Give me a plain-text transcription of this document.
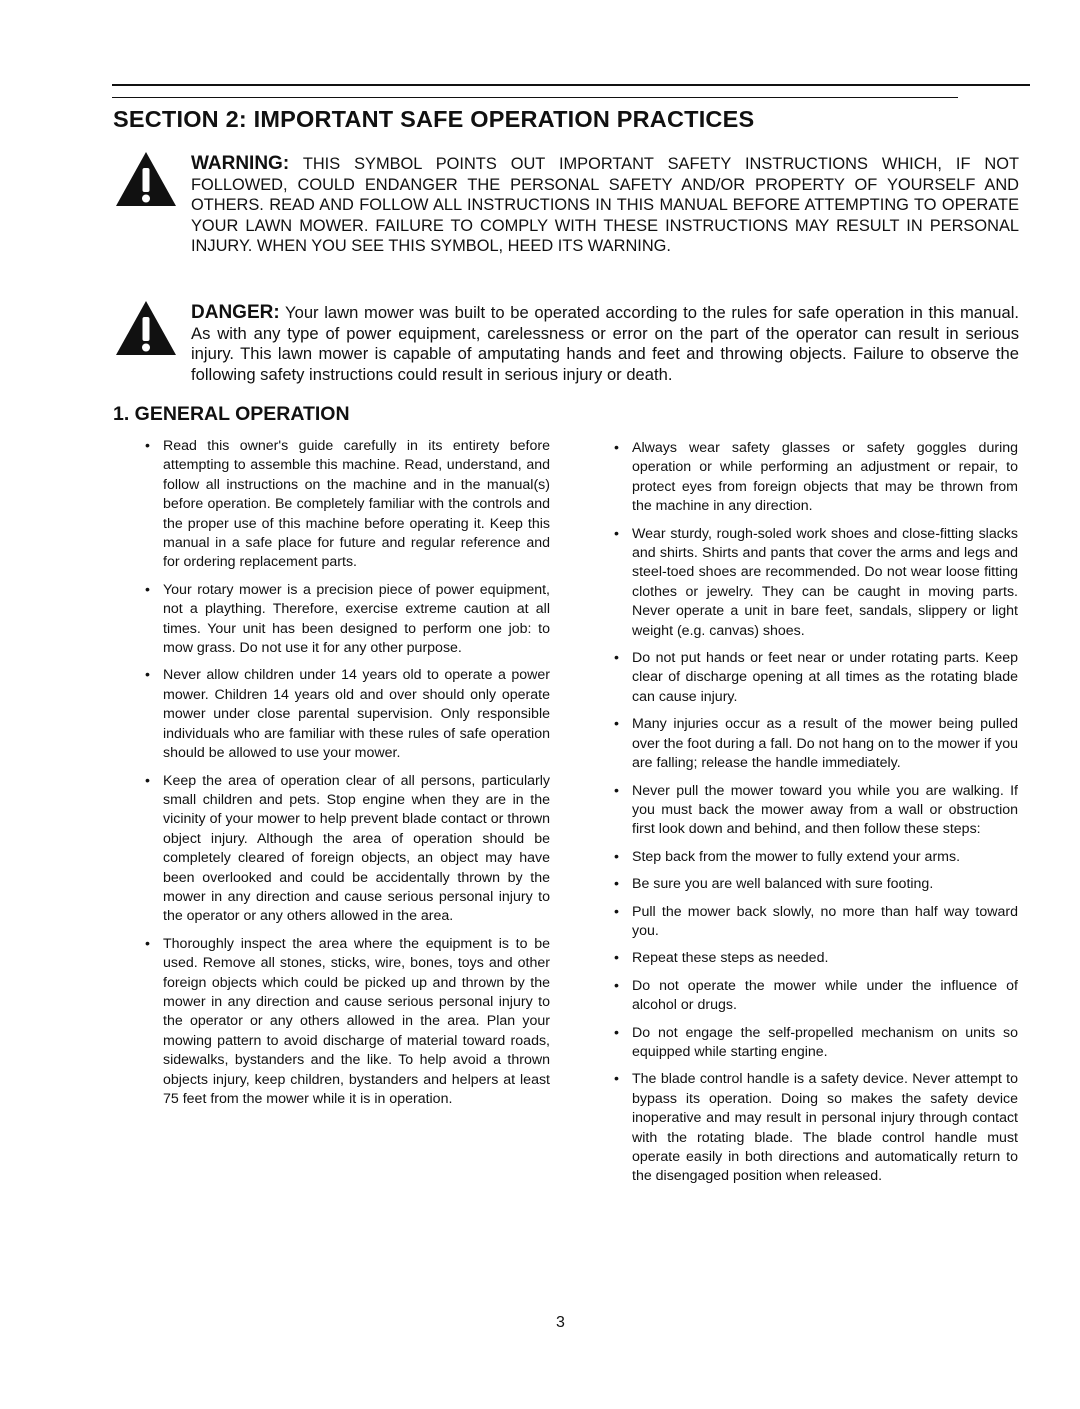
SECTION 2: IMPORTANT SAFE OPERATION PRACTICES
WARNING: THIS SYMBOL POINTS OUT IMPORTANT SAFETY INSTRUCTIONS WHICH, IF NOT FOLLOWED, COULD ENDANGER THE PERSONAL SAFETY AND/OR PROPERTY OF YOURSELF AND OTHERS. READ AND FOLLOW ALL INSTRUCTIONS IN THIS MANUAL BEFORE ATTEMPTING TO OPERATE YOUR LAWN MOWER. FAILURE TO COMPLY WITH THESE INSTRUCTIONS MAY RESULT IN PERSONAL INJURY. WHEN YOU SEE THIS SYMBOL, HEED ITS WARNING.
DANGER: Your lawn mower was built to be operated according to the rules for safe operation in this manual. As with any type of power equipment, carelessness or error on the part of the operator can result in serious injury. This lawn mower is capable of amputating hands and feet and throwing objects. Failure to observe the following safety instructions could result in serious injury or death.
1. GENERAL OPERATION
• Read this owner's guide carefully in its entirety before attempting to assemble this machine. Read, understand, and follow all instructions on the machine and in the manual(s) before operation. Be completely familiar with the controls and the proper use of this machine before operating it. Keep this manual in a safe place for future and regular reference and for ordering replacement parts.
• Your rotary mower is a precision piece of power equipment, not a plaything. Therefore, exercise extreme caution at all times. Your unit has been designed to perform one job: to mow grass. Do not use it for any other purpose.
• Never allow children under 14 years old to operate a power mower. Children 14 years old and over should only operate mower under close parental supervision. Only responsible individuals who are familiar with these rules of safe operation should be allowed to use your mower.
• Keep the area of operation clear of all persons, particularly small children and pets. Stop engine when they are in the vicinity of your mower to help prevent blade contact or thrown object injury. Although the area of operation should be completely cleared of foreign objects, an object may have been overlooked and could be accidentally thrown by the mower in any direction and cause serious personal injury to the operator or any others allowed in the area.
• Thoroughly inspect the area where the equipment is to be used. Remove all stones, sticks, wire, bones, toys and other foreign objects which could be picked up and thrown by the mower in any direction and cause serious personal injury to the operator or any others allowed in the area. Plan your mowing pattern to avoid discharge of material toward roads, sidewalks, bystanders and the like. To help avoid a thrown objects injury, keep children, bystanders and helpers at least 75 feet from the mower while it is in operation.
• Always wear safety glasses or safety goggles during operation or while performing an adjustment or repair, to protect eyes from foreign objects that may be thrown from the machine in any direction.
• Wear sturdy, rough-soled work shoes and close-fitting slacks and shirts. Shirts and pants that cover the arms and legs and steel-toed shoes are recommended. Do not wear loose fitting clothes or jewelry. They can be caught in moving parts. Never operate a unit in bare feet, sandals, slippery or light weight (e.g. canvas) shoes.
• Do not put hands or feet near or under rotating parts. Keep clear of discharge opening at all times as the rotating blade can cause injury.
• Many injuries occur as a result of the mower being pulled over the foot during a fall. Do not hang on to the mower if you are falling; release the handle immediately.
• Never pull the mower toward you while you are walking. If you must back the mower away from a wall or obstruction first look down and behind, and then follow these steps:
• Step back from the mower to fully extend your arms.
• Be sure you are well balanced with sure footing.
• Pull the mower back slowly, no more than half way toward you.
• Repeat these steps as needed.
• Do not operate the mower while under the influence of alcohol or drugs.
• Do not engage the self-propelled mechanism on units so equipped while starting engine.
• The blade control handle is a safety device. Never attempt to bypass its operation. Doing so makes the safety device inoperative and may result in personal injury through contact with the rotating blade. The blade control handle must operate easily in both directions and automatically return to the disengaged position when released.
3
